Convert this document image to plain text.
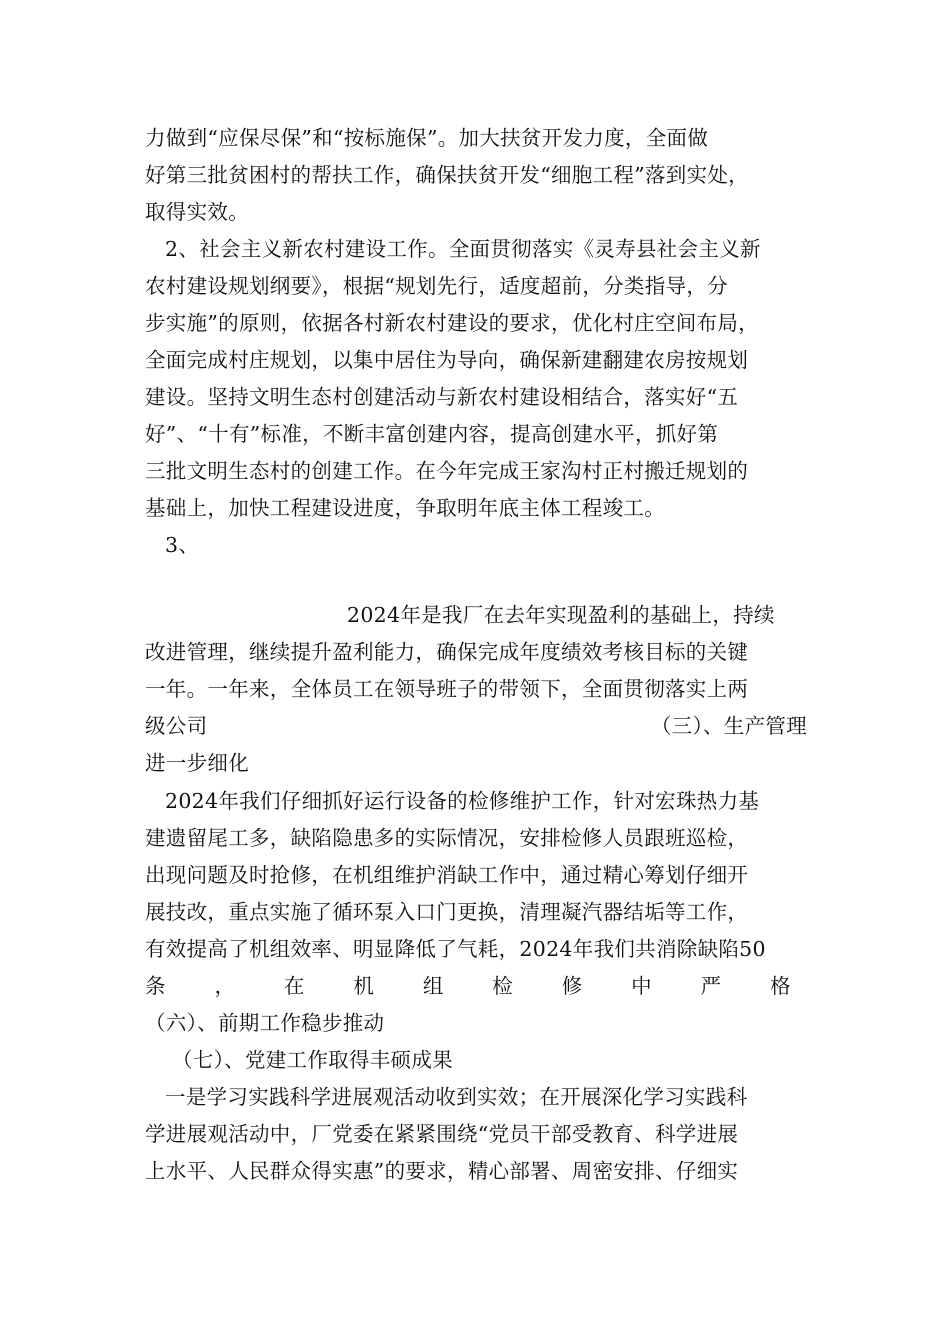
力做到“应保尽保”和“按标施保”。加大扶贫开发力度，全面做
好第三批贫困村的帮扶工作，确保扶贫开发“细胞工程”落到实处，
取得实效。
2、社会主义新农村建设工作。全面贯彻落实《灵寿县社会主义新
农村建设规划纲要》，根据“规划先行，适度超前，分类指导，分
步实施”的原则，依据各村新农村建设的要求，优化村庄空间布局，
全面完成村庄规划，以集中居住为导向，确保新建翻建农房按规划
建设。坚持文明生态村创建活动与新农村建设相结合，落实好“五
好”、“十有”标准，不断丰富创建内容，提高创建水平，抓好第
三批文明生态村的创建工作。在今年完成王家沟村正村搬迁规划的
基础上，加快工程建设进度，争取明年底主体工程竣工。
3、
2024年是我厂在去年实现盈利的基础上，持续
改进管理，继续提升盈利能力，确保完成年度绩效考核目标的关键
一年。一年来，全体员工在领导班子的带领下，全面贯彻落实上两
级公司	（三）、生产管理
进一步细化
2024年我们仔细抓好运行设备的检修维护工作，针对宏珠热力基
建遗留尾工多，缺陷隐患多的实际情况，安排检修人员跟班巡检，
出现问题及时抢修，在机组维护消缺工作中，通过精心筹划仔细开
展技改，重点实施了循环泵入口门更换，清理凝汽器结垢等工作，
有效提高了机组效率、明显降低了气耗，2024年我们共消除缺陷50
条 ， 在 机 组 检 修 中 严 格
（六）、前期工作稳步推动
（七）、党建工作取得丰硕成果
一是学习实践科学进展观活动收到实效；在开展深化学习实践科
学进展观活动中，厂党委在紧紧围绕“党员干部受教育、科学进展
上水平、人民群众得实惠”的要求，精心部署、周密安排、仔细实
